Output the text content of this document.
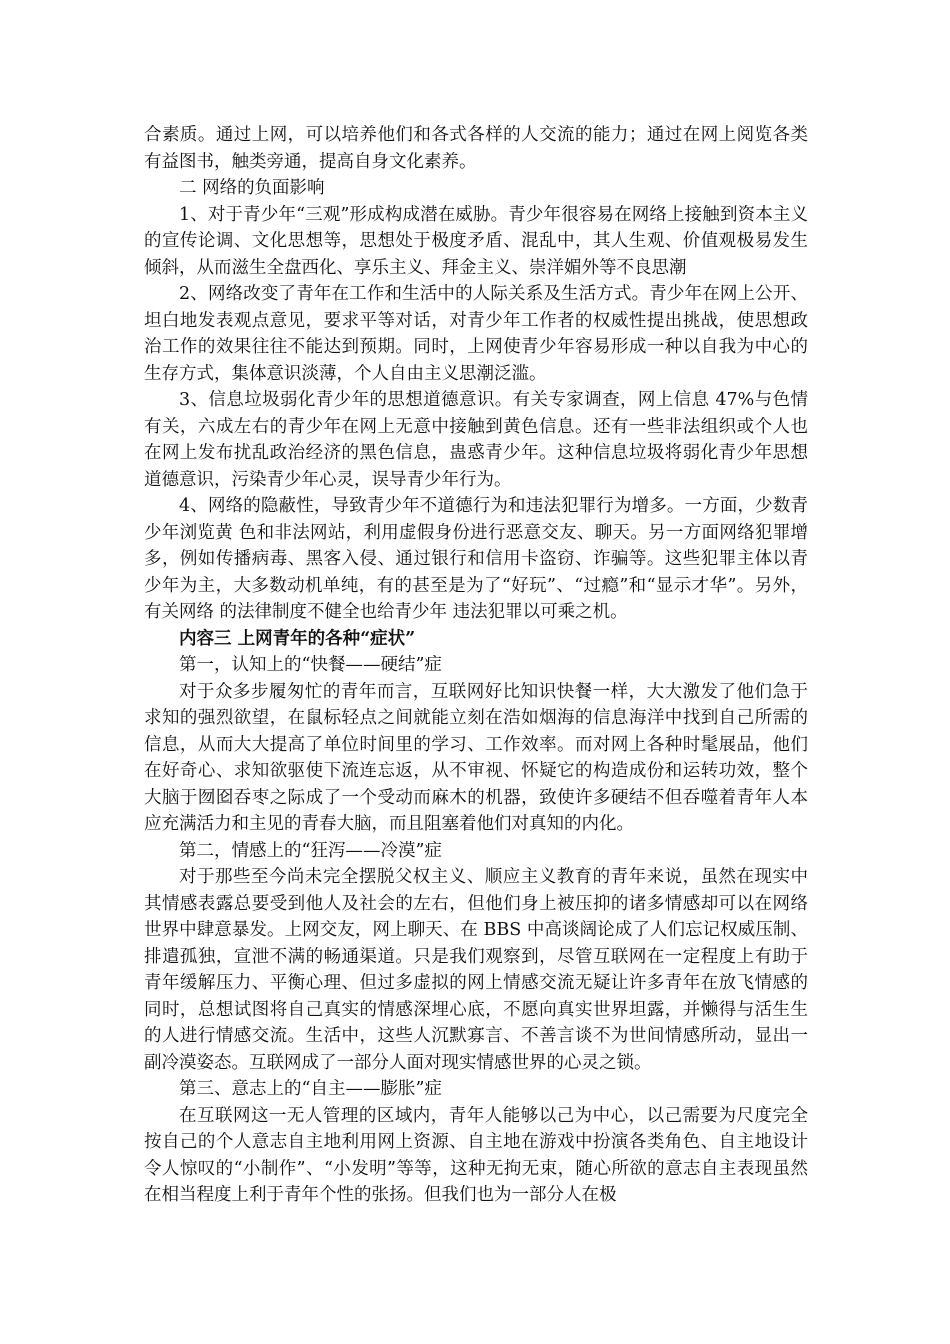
合素质。通过上网，可以培养他们和各式各样的人交流的能力；通过在网上阅览各类有益图书，触类旁通，提高自身文化素养。

二 网络的负面影响

1、对于青少年“三观”形成构成潜在威胁。青少年很容易在网络上接触到资本主义的宣传论调、文化思想等，思想处于极度矛盾、混乱中，其人生观、价值观极易发生倾斜，从而滋生全盘西化、享乐主义、拜金主义、崇洋媚外等不良思潮

2、网络改变了青年在工作和生活中的人际关系及生活方式。青少年在网上公开、坦白地发表观点意见，要求平等对话，对青少年工作者的权威性提出挑战，使思想政治工作的效果往往不能达到预期。同时，上网使青少年容易形成一种以自我为中心的生存方式，集体意识淡薄，个人自由主义思潮泛滥。

3、信息垃圾弱化青少年的思想道德意识。有关专家调查，网上信息 47%与色情有关，六成左右的青少年在网上无意中接触到黄色信息。还有一些非法组织或个人也在网上发布扰乱政治经济的黑色信息，蛊惑青少年。这种信息垃圾将弱化青少年思想道德意识，污染青少年心灵，误导青少年行为。

4、网络的隐蔽性，导致青少年不道德行为和违法犯罪行为增多。一方面，少数青少年浏览黄 色和非法网站，利用虚假身份进行恶意交友、聊天。另一方面网络犯罪增多，例如传播病毒、黑客入侵、通过银行和信用卡盗窃、诈骗等。这些犯罪主体以青少年为主，大多数动机单纯，有的甚至是为了“好玩”、“过瘾”和“显示才华”。另外，有关网络 的法律制度不健全也给青少年 违法犯罪以可乘之机。

内容三 上网青年的各种“症状”

第一，认知上的“快餐——硬结”症

对于众多步履匆忙的青年而言，互联网好比知识快餐一样，大大激发了他们急于求知的强烈欲望，在鼠标轻点之间就能立刻在浩如烟海的信息海洋中找到自己所需的信息，从而大大提高了单位时间里的学习、工作效率。而对网上各种时髦展品，他们在好奇心、求知欲驱使下流连忘返，从不审视、怀疑它的构造成份和运转功效，整个大脑于囫囵吞枣之际成了一个受动而麻木的机器，致使许多硬结不但吞噬着青年人本应充满活力和主见的青春大脑，而且阻塞着他们对真知的内化。

第二，情感上的“狂泻——冷漠”症

对于那些至今尚未完全摆脱父权主义、顺应主义教育的青年来说，虽然在现实中其情感表露总要受到他人及社会的左右，但他们身上被压抑的诸多情感却可以在网络世界中肆意暴发。上网交友，网上聊天、在 BBS 中高谈阔论成了人们忘记权威压制、排遣孤独，宣泄不满的畅通渠道。只是我们观察到，尽管互联网在一定程度上有助于青年缓解压力、平衡心理、但过多虚拟的网上情感交流无疑让许多青年在放飞情感的同时，总想试图将自己真实的情感深埋心底，不愿向真实世界坦露，并懒得与活生生的人进行情感交流。生活中，这些人沉默寡言、不善言谈不为世间情感所动，显出一副冷漠姿态。互联网成了一部分人面对现实情感世界的心灵之锁。

第三、意志上的“自主——膨胀”症

在互联网这一无人管理的区域内，青年人能够以己为中心，以己需要为尺度完全按自己的个人意志自主地利用网上资源、自主地在游戏中扮演各类角色、自主地设计令人惊叹的“小制作”、“小发明”等等，这种无拘无束，随心所欲的意志自主表现虽然在相当程度上利于青年个性的张扬。但我们也为一部分人在极
